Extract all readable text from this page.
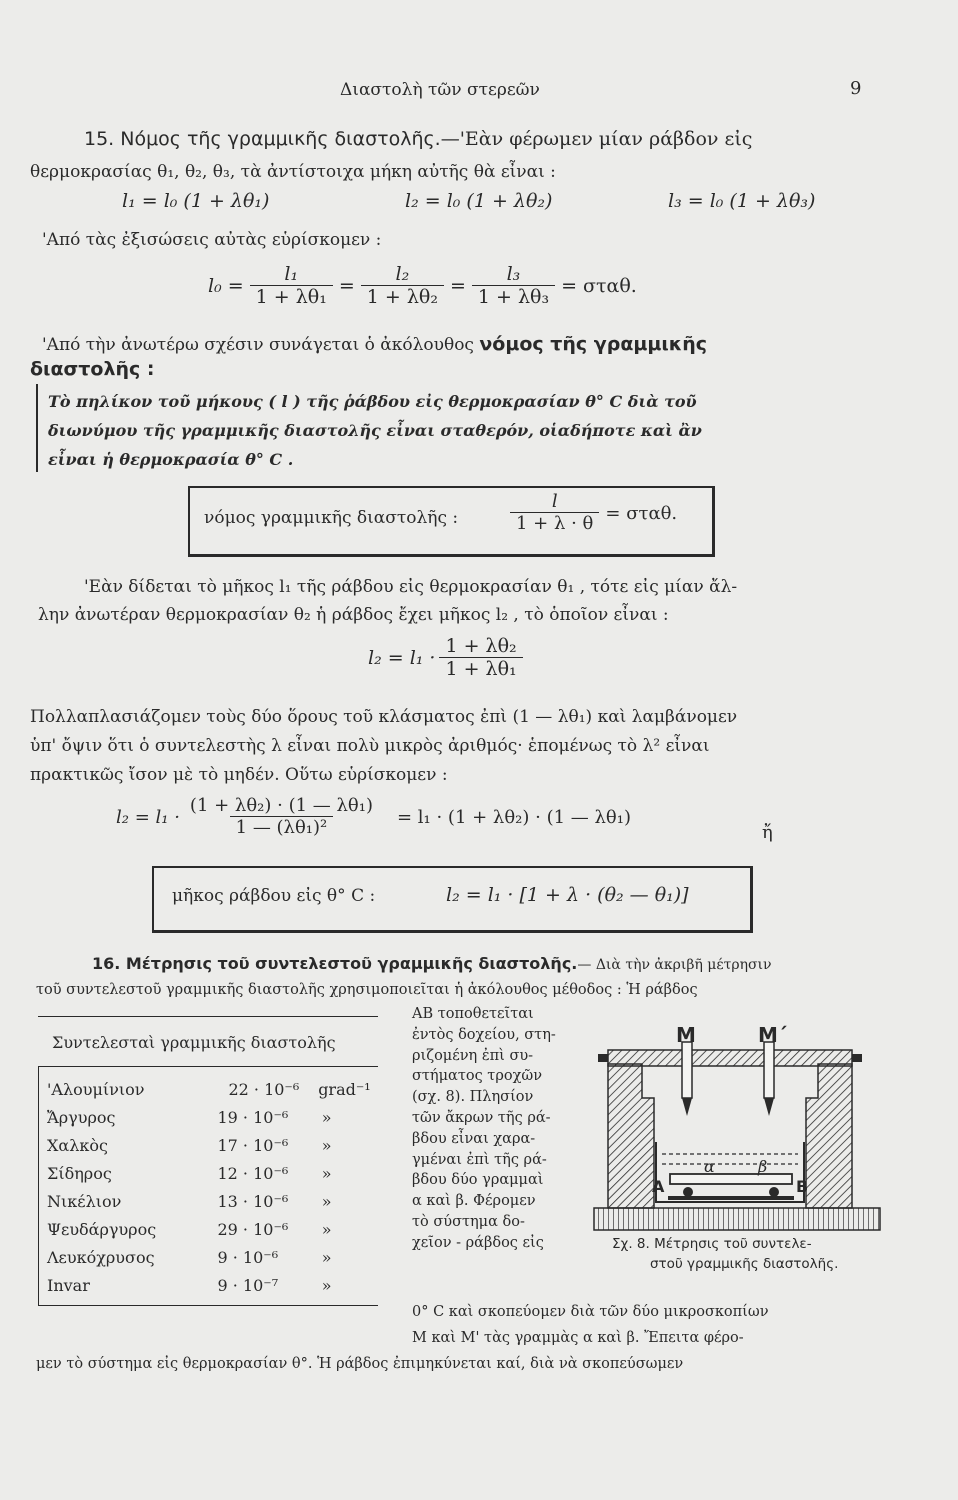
Διαστολὴ τῶν στερεῶν	9
15. Νόμος τῆς γραμμικῆς διαστολῆς.—'Εὰν φέρωμεν μίαν ράβδον εἰς
θερμοκρασίας θ₁, θ₂, θ₃, τὰ ἀντίστοιχα μήκη αὐτῆς θὰ εἶναι :
l₁ = l₀ (1 + λθ₁)	l₂ = l₀ (1 + λθ₂)	l₃ = l₀ (1 + λθ₃)
'Από τὰς ἐξισώσεις αὐτὰς εὑρίσκομεν :
$l_0 = \frac{\text{l₁}}{\text{1 + λθ₁}} = \frac{\text{l₂}}{\text{1 + λθ₂}} = \frac{\text{l₃}}{\text{1 + λθ₃}} = \sigma\tau\alpha\theta$.
'Από τὴν ἀνωτέρω σχέσιν συνάγεται ὁ ἀκόλουθος νόμος τῆς γραμμικῆς
διαστολῆς :
Τὸ πηλίκον τοῦ μήκους ( l ) τῆς ῥάβδου εἰς θερμοκρασίαν θ° C διὰ τοῦ
διωνύμου τῆς γραμμικῆς διαστολῆς εἶναι σταθερόν, οἱαδήποτε καὶ ἂν
εἶναι ἡ θερμοκρασία θ° C .
νόμος γραμμικῆς διαστολῆς :	$\frac{l}{1 + \lambda \cdot \theta} = \sigma\tau\alpha\theta$.
'Εὰν δίδεται τὸ μῆκος l₁ τῆς ράβδου εἰς θερμοκρασίαν θ₁ , τότε εἰς μίαν ἄλ-
λην ἀνωτέραν θερμοκρασίαν θ₂ ἡ ράβδος ἔχει μῆκος l₂ , τὸ ὁποῖον εἶναι :
$l_2 = l_1 \cdot \frac{\text{1 + λθ₂}}{\text{1 + λθ₁}}$
Πολλαπλασιάζομεν τοὺς δύο ὅρους τοῦ κλάσματος ἐπὶ (1 — λθ₁) καὶ λαμβάνομεν
ὑπ' ὄψιν ὅτι ὁ συντελεστὴς λ εἶναι πολὺ μικρὸς ἀριθμός· ἑπομένως τὸ λ² εἶναι
πρακτικῶς ἴσον μὲ τὸ μηδέν. Οὕτω εὑρίσκομεν :
$l_2 = l_1 \cdot \frac{\text{(1 + λθ₂) · (1 — λθ₁)}}{\text{1 — (λθ₁)²}} = l_1 \cdot (1 + \lambda\theta_2) \cdot (1$ — λθ₁)
ἤ
μῆκος ράβδου εἰς θ° C :	l₂ = l₁ · [1 + λ · (θ₂ — θ₁)]
16. Μέτρησις τοῦ συντελεστοῦ γραμμικῆς διαστολῆς.— Διὰ τὴν ἀκριβῆ μέτρησιν
τοῦ συντελεστοῦ γραμμικῆς διαστολῆς χρησιμοποιεῖται ἡ ἀκόλουθος μέθοδος : Ἡ ράβδος
Συντελεσταὶ γραμμικῆς διαστολῆς
'Αλουμίνιον	22 · 10⁻⁶	grad⁻¹
Ἄργυρος	19 · 10⁻⁶	»
Χαλκὸς	17 · 10⁻⁶	»
Σίδηρος	12 · 10⁻⁶	»
Νικέλιον	13 · 10⁻⁶	»
Ψευδάργυρος	29 · 10⁻⁶	»
Λευκόχρυσος	9 · 10⁻⁶	»
Invar	9 · 10⁻⁷	»
ΑΒ τοποθετεῖται
ἐντὸς δοχείου, στη-
ριζομένη ἐπὶ συ-
στήματος τροχῶν
(σχ. 8). Πλησίον
τῶν ἄκρων τῆς ρά-
βδου εἶναι χαρα-
γμέναι ἐπὶ τῆς ρά-
βδου δύο γραμμαὶ
α καὶ β. Φέρομεν
τὸ σύστημα δο-
χεῖον - ράβδος εἰς
M	M΄
α	β
A	B
Σχ. 8. Μέτρησις τοῦ συντελε-
στοῦ γραμμικῆς διαστολῆς.
0° C καὶ σκοπεύομεν διὰ τῶν δύο μικροσκοπίων
Μ καὶ Μ' τὰς γραμμὰς α καὶ β. Ἔπειτα φέρο-
μεν τὸ σύστημα εἰς θερμοκρασίαν θ°. Ἡ ράβδος ἐπιμηκύνεται καί, διὰ νὰ σκοπεύσωμεν
